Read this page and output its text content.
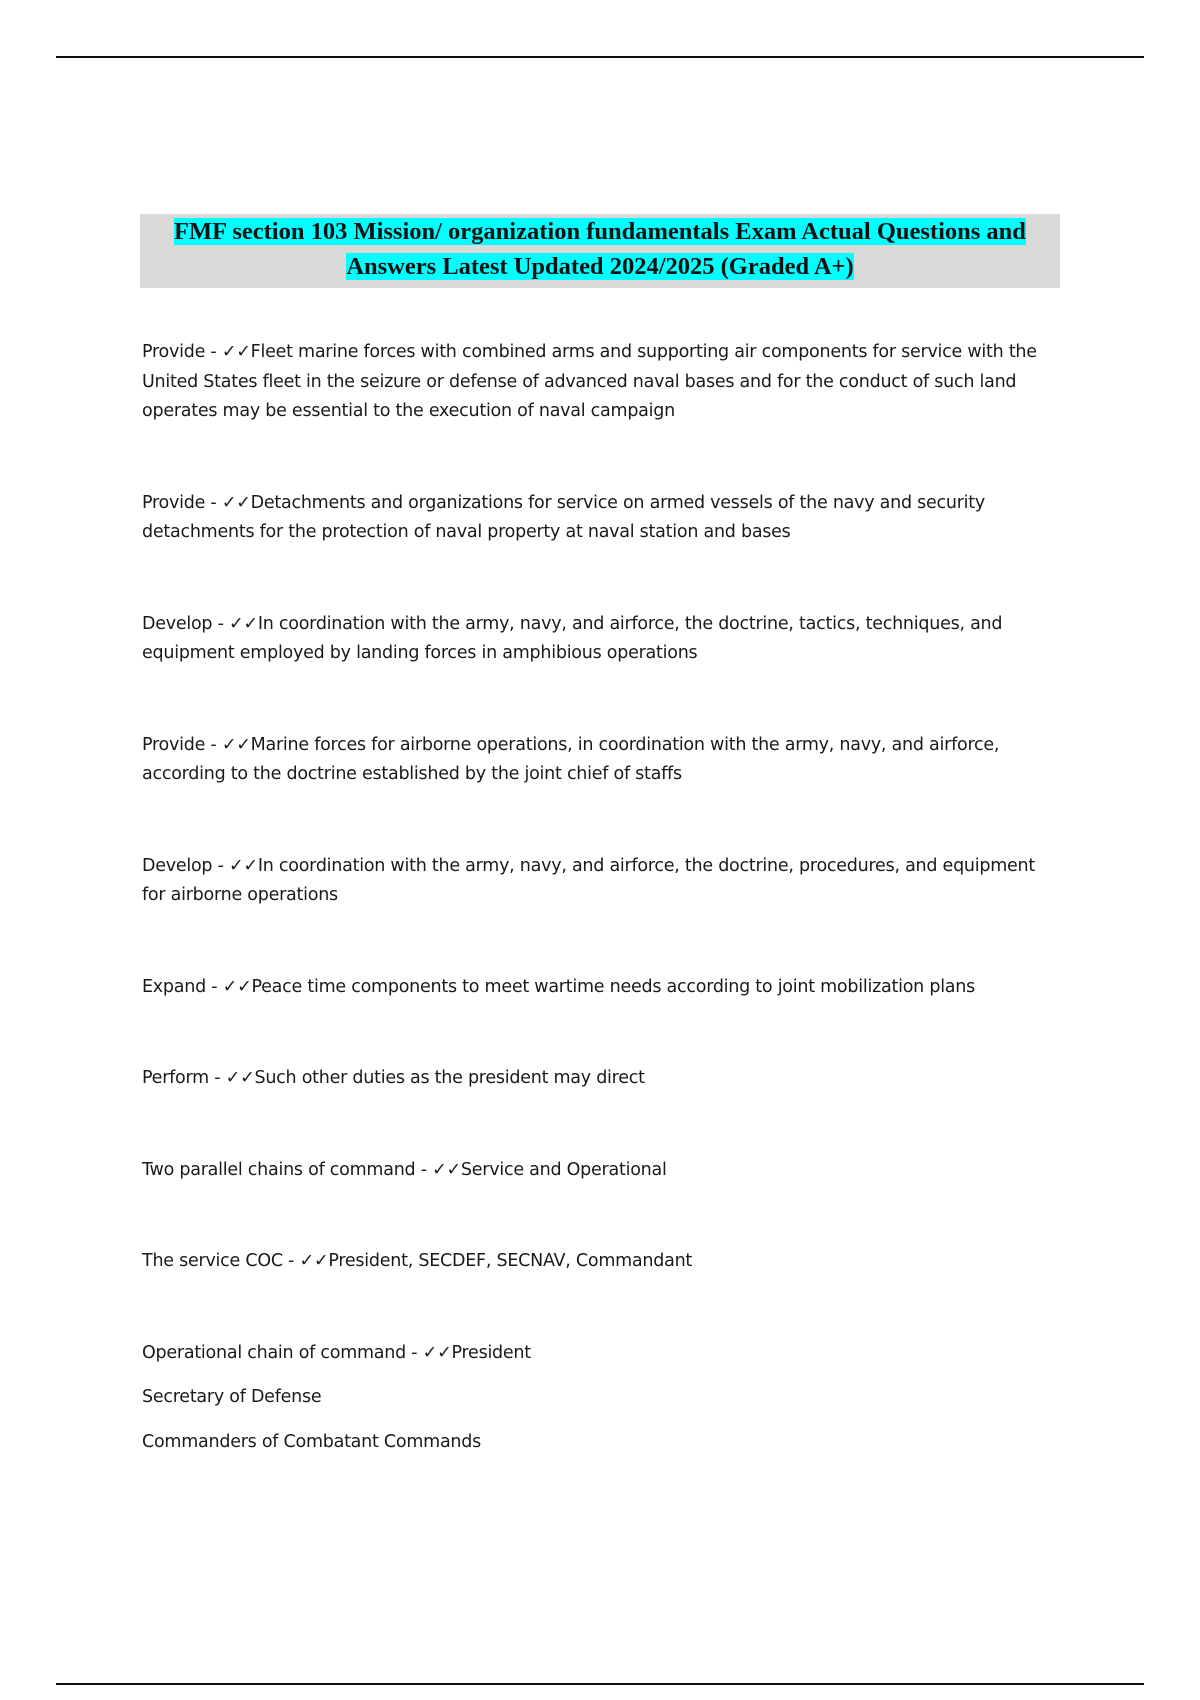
FMF section 103 Mission/ organization fundamentals Exam Actual Questions and Answers Latest Updated 2024/2025 (Graded A+)
Provide - ✓✓Fleet marine forces with combined arms and supporting air components for service with the United States fleet in the seizure or defense of advanced naval bases and for the conduct of such land operates may be essential to the execution of naval campaign
Provide - ✓✓Detachments and organizations for service on armed vessels of the navy and security detachments for the protection of naval property at naval station and bases
Develop - ✓✓In coordination with the army, navy, and airforce, the doctrine, tactics, techniques, and equipment employed by landing forces in amphibious operations
Provide - ✓✓Marine forces for airborne operations, in coordination with the army, navy, and airforce, according to the doctrine established by the joint chief of staffs
Develop - ✓✓In coordination with the army, navy, and airforce, the doctrine, procedures, and equipment for airborne operations
Expand - ✓✓Peace time components to meet wartime needs according to joint mobilization plans
Perform - ✓✓Such other duties as the president may direct
Two parallel chains of command - ✓✓Service and Operational
The service COC - ✓✓President, SECDEF, SECNAV, Commandant
Operational chain of command - ✓✓President
Secretary of Defense
Commanders of Combatant Commands
